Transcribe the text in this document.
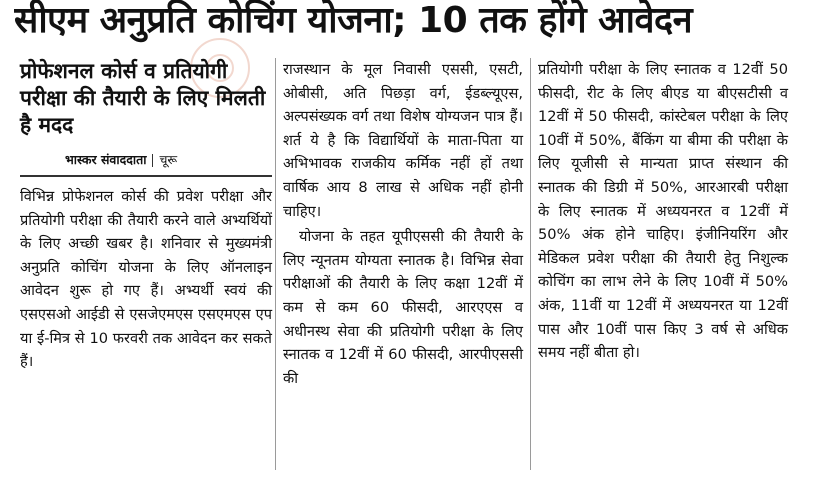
सीएम अनुप्रति कोचिंग योजना; 10 तक होंगे आवेदन
प्रोफेशनल कोर्स व प्रतियोगी परीक्षा की तैयारी के लिए मिलती है मदद
भास्कर संवाददाता चूरू

विभिन्न प्रोफेशनल कोर्स की प्रवेश परीक्षा और प्रतियोगी परीक्षा की तैयारी करने वाले अभ्यर्थियों के लिए अच्छी खबर है। शनिवार से मुख्यमंत्री अनुप्रति कोचिंग योजना के लिए ऑनलाइन आवेदन शुरू हो गए हैं। अभ्यर्थी स्वयं की एसएसओ आईडी से एसजेएमएस एसएमएस एप या ई-मित्र से 10 फरवरी तक आवेदन कर सकते हैं।

राजस्थान के मूल निवासी एससी, एसटी, ओबीसी, अति पिछड़ा वर्ग, ईडब्ल्यूएस, अल्पसंख्यक वर्ग तथा विशेष योग्यजन पात्र हैं। शर्त ये है कि विद्यार्थियों के माता-पिता या अभिभावक राजकीय कर्मिक नहीं हों तथा वार्षिक आय 8 लाख से अधिक नहीं होनी चाहिए।

योजना के तहत यूपीएससी की तैयारी के लिए न्यूनतम योग्यता स्नातक है। विभिन्न सेवा परीक्षाओं की तैयारी के लिए कक्षा 12वीं में कम से कम 60 फीसदी, आरएएस व अधीनस्थ सेवा की प्रतियोगी परीक्षा के लिए स्नातक व 12वीं में 60 फीसदी, आरपीएससी की

प्रतियोगी परीक्षा के लिए स्नातक व 12वीं 50 फीसदी, रीट के लिए बीएड या बीएसटीसी व 12वीं में 50 फीसदी, कांस्टेबल परीक्षा के लिए 10वीं में 50%, बैंकिंग या बीमा की परीक्षा के लिए यूजीसी से मान्यता प्राप्त संस्थान की स्नातक की डिग्री में 50%, आरआरबी परीक्षा के लिए स्नातक में अध्ययनरत व 12वीं में 50% अंक होने चाहिए। इंजीनियरिंग और मेडिकल प्रवेश परीक्षा की तैयारी हेतु निशुल्क कोचिंग का लाभ लेने के लिए 10वीं में 50% अंक, 11वीं या 12वीं में अध्ययनरत या 12वीं पास और 10वीं पास किए 3 वर्ष से अधिक समय नहीं बीता हो।
